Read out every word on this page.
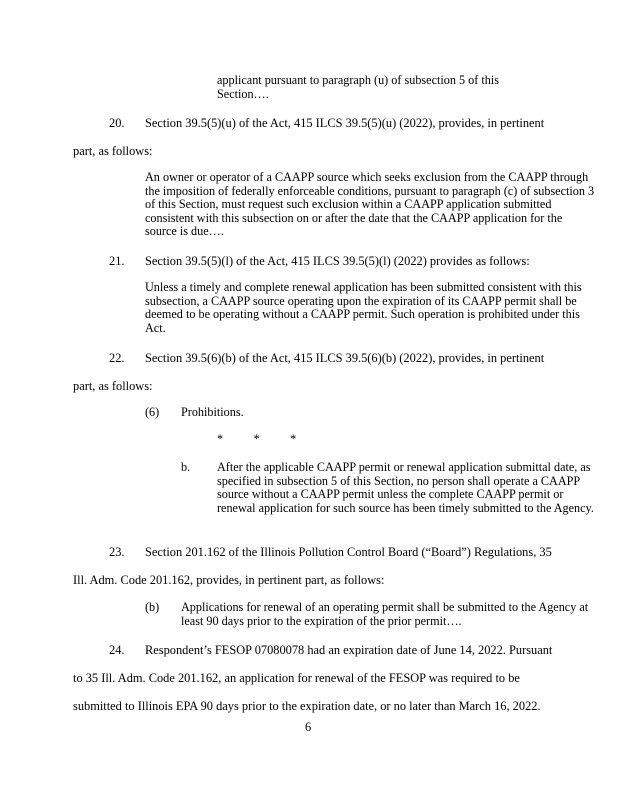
applicant pursuant to paragraph (u) of subsection 5 of this
Section….
20. Section 39.5(5)(u) of the Act, 415 ILCS 39.5(5)(u) (2022), provides, in pertinent
part, as follows:
An owner or operator of a CAAPP source which seeks exclusion from the CAAPP through the imposition of federally enforceable conditions, pursuant to paragraph (c) of subsection 3 of this Section, must request such exclusion within a CAAPP application submitted consistent with this subsection on or after the date that the CAAPP application for the source is due….
21. Section 39.5(5)(l) of the Act, 415 ILCS 39.5(5)(l) (2022) provides as follows:
Unless a timely and complete renewal application has been submitted consistent with this subsection, a CAAPP source operating upon the expiration of its CAAPP permit shall be deemed to be operating without a CAAPP permit. Such operation is prohibited under this Act.
22. Section 39.5(6)(b) of the Act, 415 ILCS 39.5(6)(b) (2022), provides, in pertinent
part, as follows:
(6) Prohibitions.
*          *          *
b. After the applicable CAAPP permit or renewal application submittal date, as specified in subsection 5 of this Section, no person shall operate a CAAPP source without a CAAPP permit unless the complete CAAPP permit or renewal application for such source has been timely submitted to the Agency.
23. Section 201.162 of the Illinois Pollution Control Board (“Board”) Regulations, 35
Ill. Adm. Code 201.162, provides, in pertinent part, as follows:
(b) Applications for renewal of an operating permit shall be submitted to the Agency at least 90 days prior to the expiration of the prior permit….
24. Respondent’s FESOP 07080078 had an expiration date of June 14, 2022. Pursuant
to 35 Ill. Adm. Code 201.162, an application for renewal of the FESOP was required to be
submitted to Illinois EPA 90 days prior to the expiration date, or no later than March 16, 2022.
6
